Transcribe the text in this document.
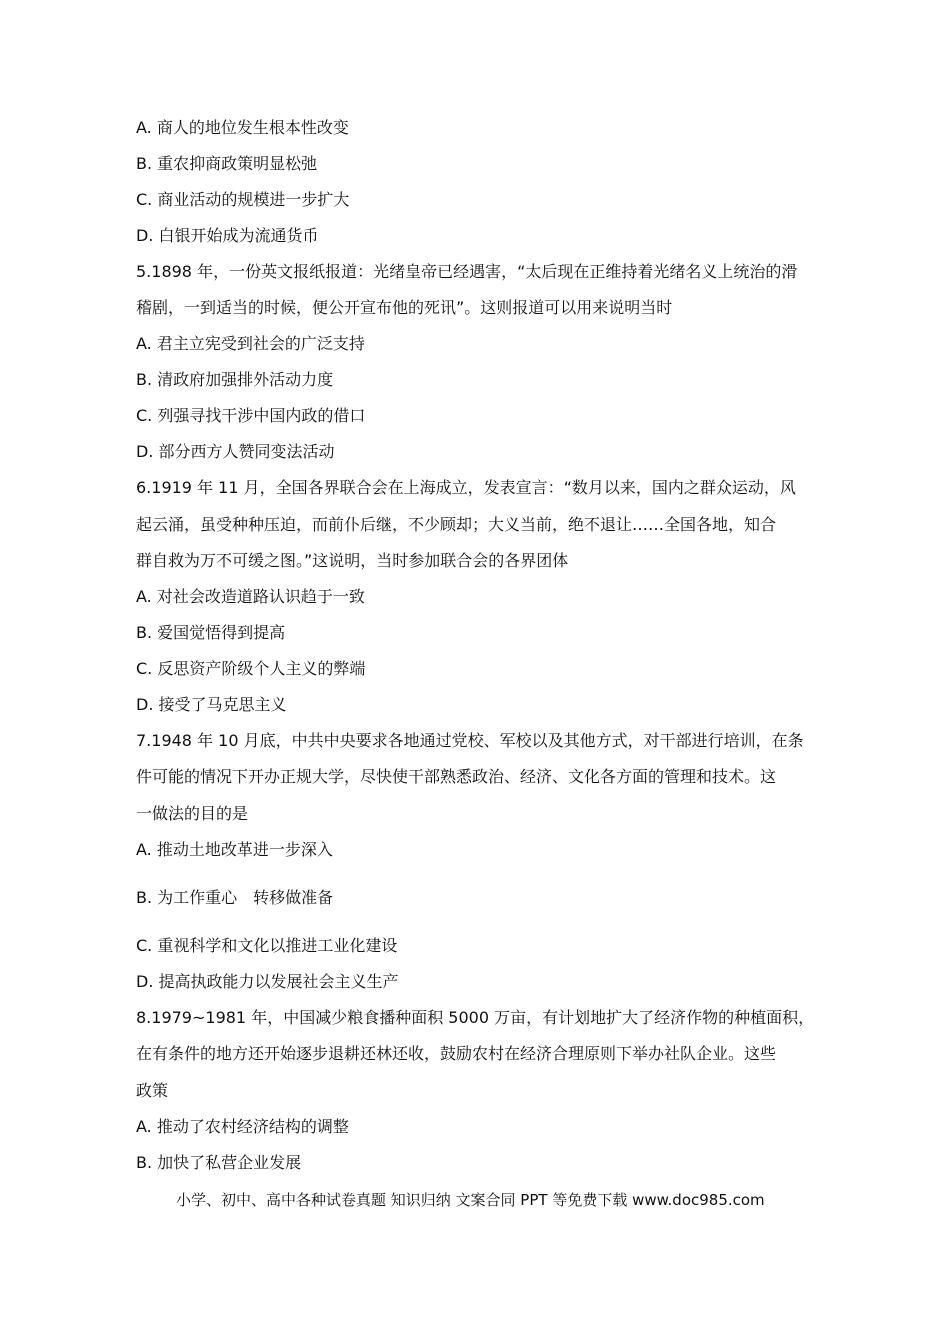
A. 商人的地位发生根本性改变
B. 重农抑商政策明显松弛
C. 商业活动的规模进一步扩大
D. 白银开始成为流通货币
5.1898 年，一份英文报纸报道：光绪皇帝已经遇害，“太后现在正维持着光绪名义上统治的滑
稽剧，一到适当的时候，便公开宣布他的死讯”。这则报道可以用来说明当时
A. 君主立宪受到社会的广泛支持
B. 清政府加强排外活动力度
C. 列强寻找干涉中国内政的借口
D. 部分西方人赞同变法活动
6.1919 年 11 月，全国各界联合会在上海成立，发表宣言：“数月以来，国内之群众运动，风
起云涌，虽受种种压迫，而前仆后继，不少顾却；大义当前，绝不退让……全国各地，知合
群自救为万不可缓之图。”这说明，当时参加联合会的各界团体
A. 对社会改造道路认识趋于一致
B. 爱国觉悟得到提高
C. 反思资产阶级个人主义的弊端
D. 接受了马克思主义
7.1948 年 10 月底，中共中央要求各地通过党校、军校以及其他方式，对干部进行培训，在条
件可能的情况下开办正规大学，尽快使干部熟悉政治、经济、文化各方面的管理和技术。这
一做法的目的是
A. 推动土地改革进一步深入
B. 为工作重心　转移做准备
C. 重视科学和文化以推进工业化建设
D. 提高执政能力以发展社会主义生产
8.1979~1981 年，中国减少粮食播种面积 5000 万亩，有计划地扩大了经济作物的种植面积，
在有条件的地方还开始逐步退耕还林还收，鼓励农村在经济合理原则下举办社队企业。这些
政策
A. 推动了农村经济结构的调整
B. 加快了私营企业发展
小学、初中、高中各种试卷真题 知识归纳 文案合同 PPT 等免费下载 www.doc985.com
